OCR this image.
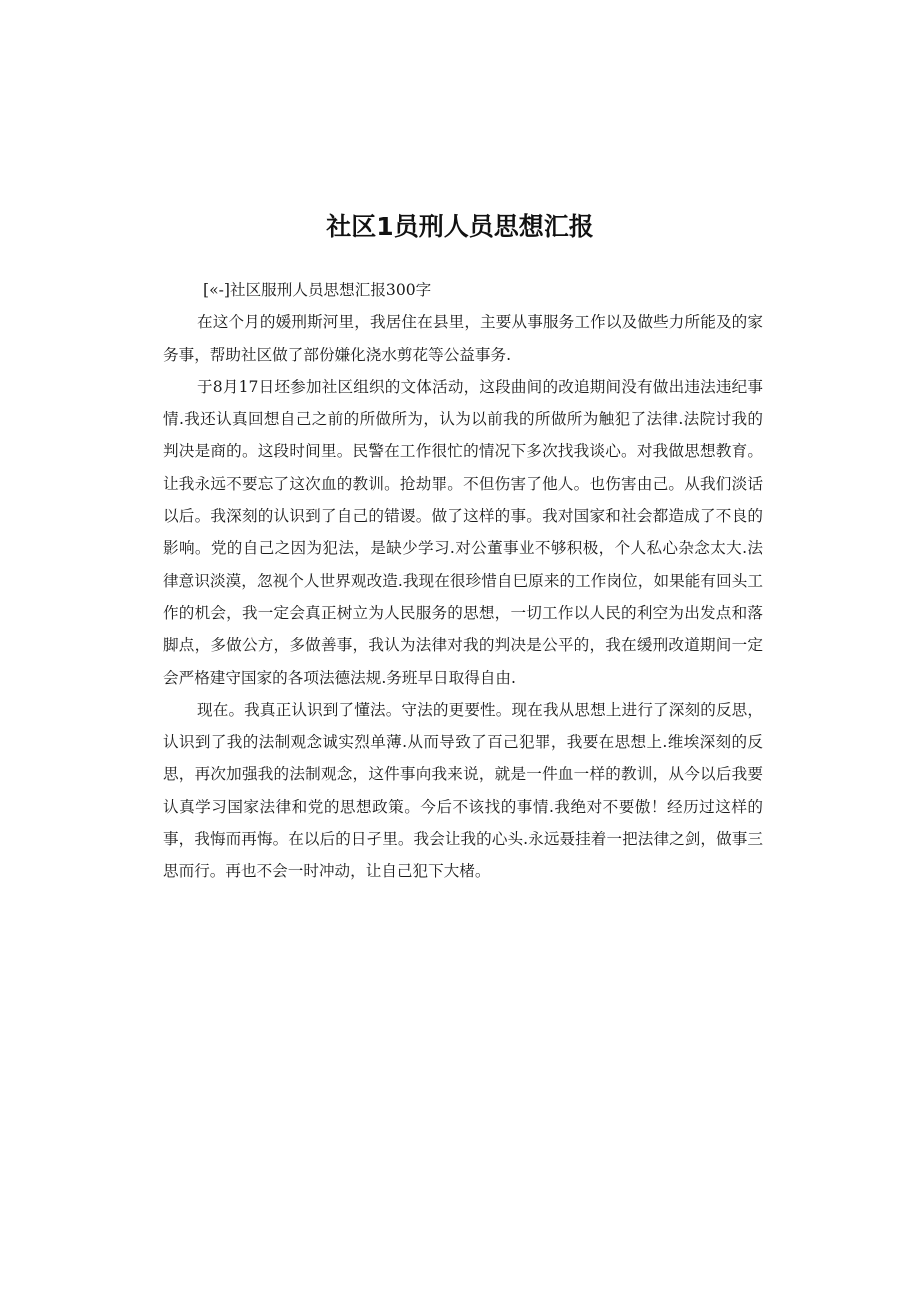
社区1员刑人员思想汇报

[«-]社区服刑人员思想汇报300字

在这个月的媛刑斯河里，我居住在县里，主要从事服务工作以及做些力所能及的家务事，帮助社区做了部份嫌化浇水剪花等公益事务.

于8月17日坯参加社区组织的文体活动，这段曲间的改追期间没有做出违法违纪事情.我还认真回想自己之前的所做所为，认为以前我的所做所为触犯了法律.法院讨我的判决是商的。这段时间里。民警在工作很忙的情况下多次找我谈心。对我做思想教育。让我永远不要忘了这次血的教训。抢劫罪。不但伤害了他人。也伤害由己。从我们淡话以后。我深刻的认识到了自己的错谡。做了这样的事。我对国家和社会都造成了不良的影响。党的自己之因为犯法，是缺少学习.对公董事业不够积极，个人私心杂念太大.法律意识淡漠，忽视个人世界观改造.我现在很珍惜自巳原来的工作岗位，如果能有回头工作的机会，我一定会真正树立为人民服务的思想，一切工作以人民的利空为出发点和落脚点，多做公方，多做善事，我认为法律对我的判决是公平的，我在缓刑改道期间一定会严格建守国家的各项法德法规.务班早日取得自由.

现在。我真正认识到了懂法。守法的更要性。现在我从思想上进行了深刻的反思，认识到了我的法制观念诚实烈单薄.从而导致了百己犯罪，我要在思想上.维埃深刻的反思，再次加强我的法制观念，这件事向我来说，就是一件血一样的教训，从今以后我要认真学习国家法律和党的思想政策。今后不该找的事情.我绝对不要傲！经历过这样的事，我悔而再悔。在以后的日孑里。我会让我的心头.永远聂挂着一把法律之剑，做事三思而行。再也不会一时冲动，让自己犯下大楮。
